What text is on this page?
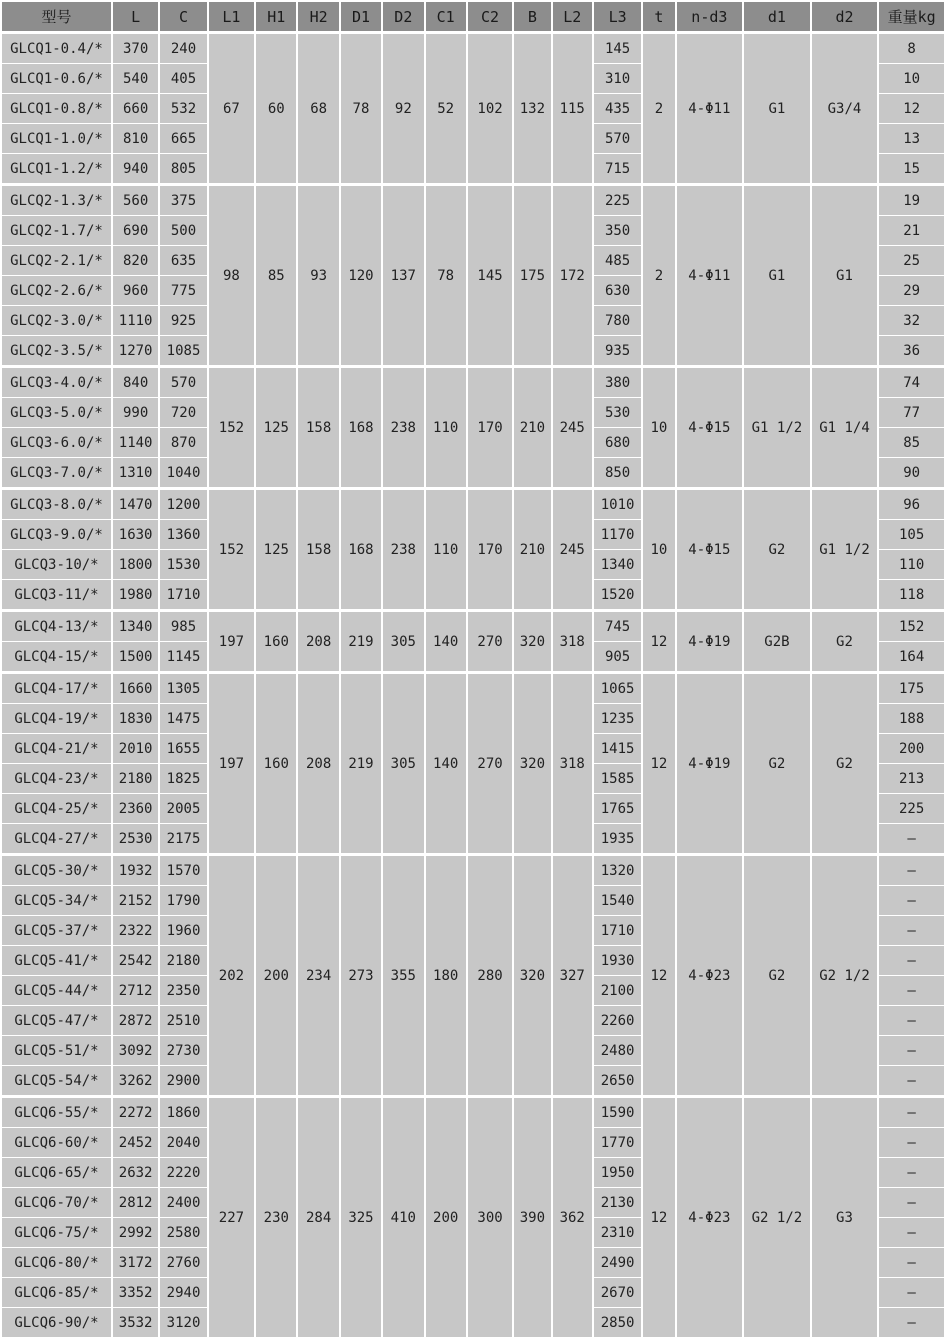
型号	L	C	L1	H1	H2	D1	D2	C1	C2	B	L2	L3	t	n-d3	d1	d2	重量kg
GLCQ1-0.4/*	370	240	67	60	68	78	92	52	102	132	115	145	2	4-Φ11	G1	G3/4	8
GLCQ1-0.6/*	540	405										310					10
GLCQ1-0.8/*	660	532										435					12
GLCQ1-1.0/*	810	665										570					13
GLCQ1-1.2/*	940	805										715					15
GLCQ2-1.3/*	560	375	98	85	93	120	137	78	145	175	172	225	2	4-Φ11	G1	G1	19
GLCQ2-1.7/*	690	500										350					21
GLCQ2-2.1/*	820	635										485					25
GLCQ2-2.6/*	960	775										630					29
GLCQ2-3.0/*	1110	925										780					32
GLCQ2-3.5/*	1270	1085										935					36
GLCQ3-4.0/*	840	570	152	125	158	168	238	110	170	210	245	380	10	4-Φ15	G1 1/2	G1 1/4	74
GLCQ3-5.0/*	990	720										530					77
GLCQ3-6.0/*	1140	870										680					85
GLCQ3-7.0/*	1310	1040										850					90
GLCQ3-8.0/*	1470	1200	152	125	158	168	238	110	170	210	245	1010	10	4-Φ15	G2	G1 1/2	96
GLCQ3-9.0/*	1630	1360										1170					105
GLCQ3-10/*	1800	1530										1340					110
GLCQ3-11/*	1980	1710										1520					118
GLCQ4-13/*	1340	985	197	160	208	219	305	140	270	320	318	745	12	4-Φ19	G2B	G2	152
GLCQ4-15/*	1500	1145										905					164
GLCQ4-17/*	1660	1305	197	160	208	219	305	140	270	320	318	1065	12	4-Φ19	G2	G2	175
GLCQ4-19/*	1830	1475										1235					188
GLCQ4-21/*	2010	1655										1415					200
GLCQ4-23/*	2180	1825										1585					213
GLCQ4-25/*	2360	2005										1765					225
GLCQ4-27/*	2530	2175										1935					—
GLCQ5-30/*	1932	1570	202	200	234	273	355	180	280	320	327	1320	12	4-Φ23	G2	G2 1/2	—
GLCQ5-34/*	2152	1790										1540					—
GLCQ5-37/*	2322	1960										1710					—
GLCQ5-41/*	2542	2180										1930					—
GLCQ5-44/*	2712	2350										2100					—
GLCQ5-47/*	2872	2510										2260					—
GLCQ5-51/*	3092	2730										2480					—
GLCQ5-54/*	3262	2900										2650					—
GLCQ6-55/*	2272	1860	227	230	284	325	410	200	300	390	362	1590	12	4-Φ23	G2 1/2	G3	—
GLCQ6-60/*	2452	2040										1770					—
GLCQ6-65/*	2632	2220										1950					—
GLCQ6-70/*	2812	2400										2130					—
GLCQ6-75/*	2992	2580										2310					—
GLCQ6-80/*	3172	2760										2490					—
GLCQ6-85/*	3352	2940										2670					—
GLCQ6-90/*	3532	3120										2850					—
